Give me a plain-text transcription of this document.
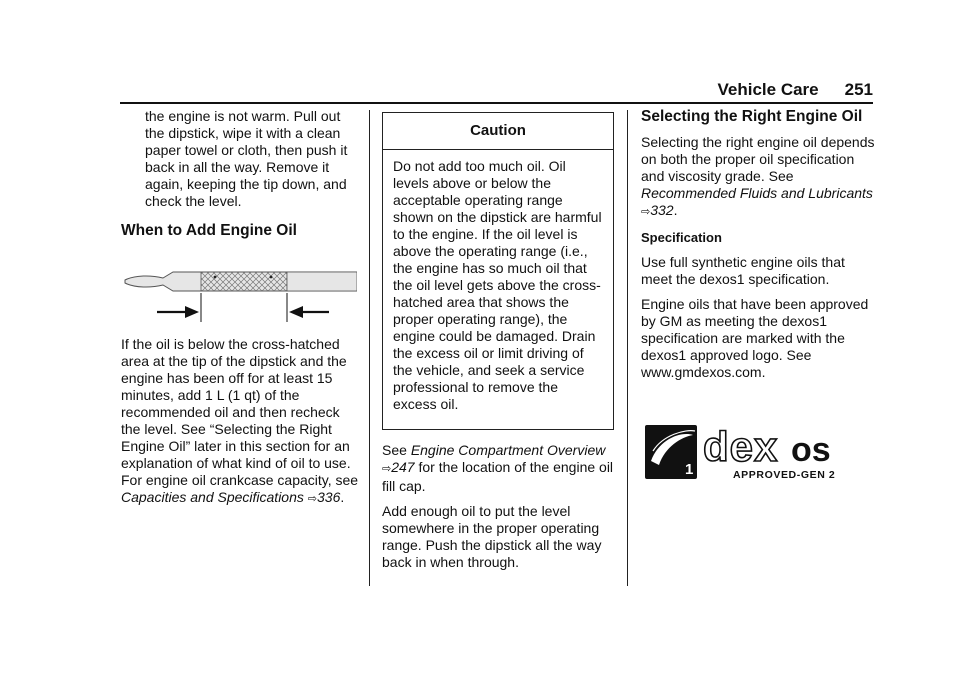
Vehicle Care 251

the engine is not warm. Pull out the dipstick, wipe it with a clean paper towel or cloth, then push it back in all the way. Remove it again, keeping the tip down, and check the level.

When to Add Engine Oil

If the oil is below the cross-hatched area at the tip of the dipstick and the engine has been off for at least 15 minutes, add 1 L (1 qt) of the recommended oil and then recheck the level. See “Selecting the Right Engine Oil” later in this section for an explanation of what kind of oil to use. For engine oil crankcase capacity, see Capacities and Specifications ⇨336.

Caution

Do not add too much oil. Oil levels above or below the acceptable operating range shown on the dipstick are harmful to the engine. If the oil level is above the operating range (i.e., the engine has so much oil that the oil level gets above the cross-hatched area that shows the proper operating range), the engine could be damaged. Drain the excess oil or limit driving of the vehicle, and seek a service professional to remove the excess oil.

See Engine Compartment Overview ⇨247 for the location of the engine oil fill cap.

Add enough oil to put the level somewhere in the proper operating range. Push the dipstick all the way back in when through.

Selecting the Right Engine Oil

Selecting the right engine oil depends on both the proper oil specification and viscosity grade. See Recommended Fluids and Lubricants ⇨332.

Specification

Use full synthetic engine oils that meet the dexos1 specification.

Engine oils that have been approved by GM as meeting the dexos1 specification are marked with the dexos1 approved logo. See www.gmdexos.com.

1 dex os
APPROVED-GEN 2
